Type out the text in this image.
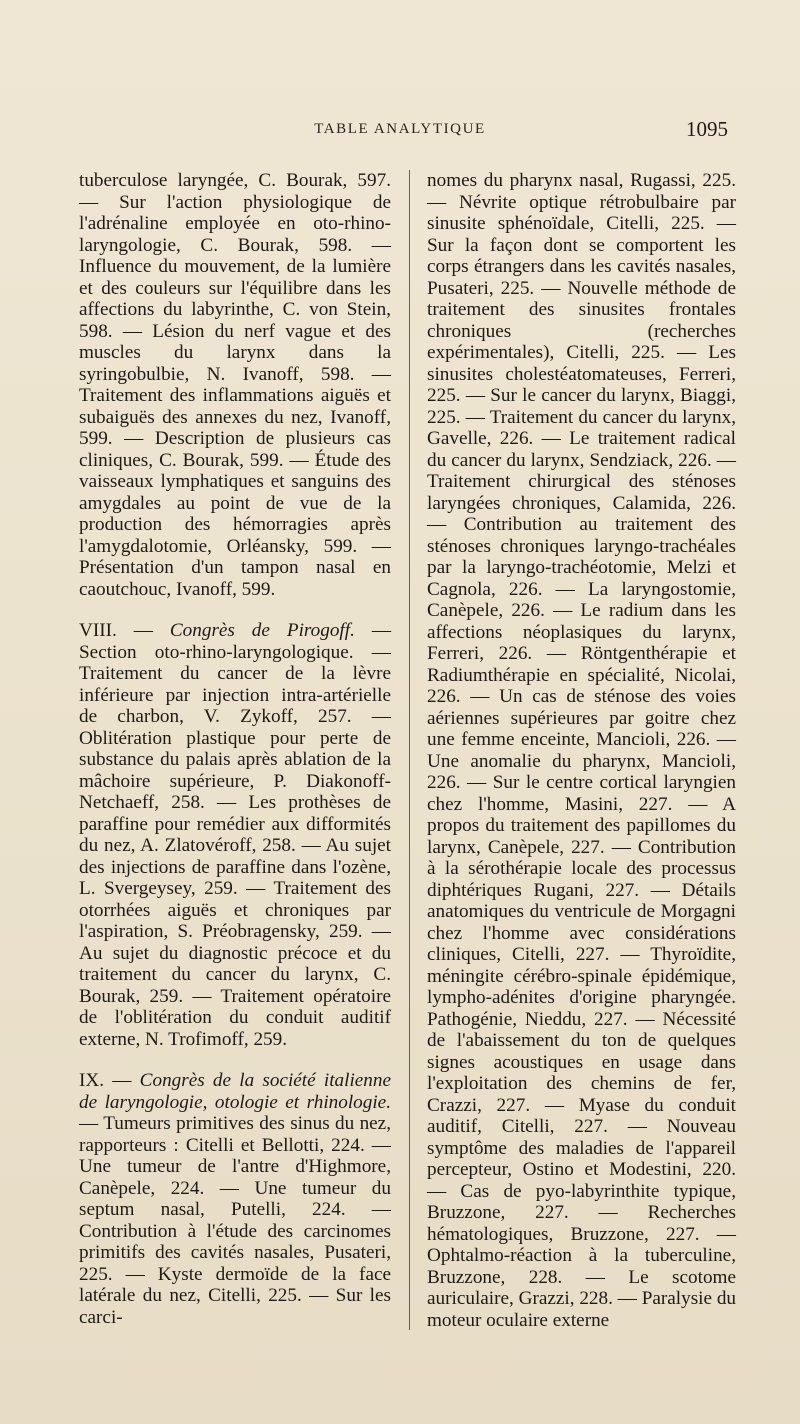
TABLE ANALYTIQUE	1095

tuberculose laryngée, C. Bourak, 597. — Sur l'action physiologique de l'adrénaline employée en oto-rhino-laryngologie, C. Bourak, 598. — Influence du mouvement, de la lumière et des couleurs sur l'équilibre dans les affections du labyrinthe, C. von Stein, 598. — Lésion du nerf vague et des muscles du larynx dans la syringobulbie, N. Ivanoff, 598. — Traitement des inflammations aiguës et subaiguës des annexes du nez, Ivanoff, 599. — Description de plusieurs cas cliniques, C. Bourak, 599. — Étude des vaisseaux lymphatiques et sanguins des amygdales au point de vue de la production des hémorragies après l'amygdalotomie, Orléansky, 599. — Présentation d'un tampon nasal en caoutchouc, Ivanoff, 599.

VIII. — Congrès de Pirogoff. — Section oto-rhino-laryngologique. — Traitement du cancer de la lèvre inférieure par injection intra-artérielle de charbon, V. Zykoff, 257. — Oblitération plastique pour perte de substance du palais après ablation de la mâchoire supérieure, P. Diakonoff-Netchaeff, 258. — Les prothèses de paraffine pour remédier aux difformités du nez, A. Zlatovéroff, 258. — Au sujet des injections de paraffine dans l'ozène, L. Svergeysey, 259. — Traitement des otorrhées aiguës et chroniques par l'aspiration, S. Préobragensky, 259. — Au sujet du diagnostic précoce et du traitement du cancer du larynx, C. Bourak, 259. — Traitement opératoire de l'oblitération du conduit auditif externe, N. Trofimoff, 259.

IX. — Congrès de la société italienne de laryngologie, otologie et rhinologie. — Tumeurs primitives des sinus du nez, rapporteurs : Citelli et Bellotti, 224. — Une tumeur de l'antre d'Highmore, Canèpele, 224. — Une tumeur du septum nasal, Putelli, 224. — Contribution à l'étude des carcinomes primitifs des cavités nasales, Pusateri, 225. — Kyste dermoïde de la face latérale du nez, Citelli, 225. — Sur les carci-

nomes du pharynx nasal, Rugassi, 225. — Névrite optique rétrobulbaire par sinusite sphénoïdale, Citelli, 225. — Sur la façon dont se comportent les corps étrangers dans les cavités nasales, Pusateri, 225. — Nouvelle méthode de traitement des sinusites frontales chroniques (recherches expérimentales), Citelli, 225. — Les sinusites cholestéatomateuses, Ferreri, 225. — Sur le cancer du larynx, Biaggi, 225. — Traitement du cancer du larynx, Gavelle, 226. — Le traitement radical du cancer du larynx, Sendziack, 226. — Traitement chirurgical des sténoses laryngées chroniques, Calamida, 226. — Contribution au traitement des sténoses chroniques laryngo-trachéales par la laryngo-trachéotomie, Melzi et Cagnola, 226. — La laryngostomie, Canèpele, 226. — Le radium dans les affections néoplasiques du larynx, Ferreri, 226. — Röntgenthérapie et Radiumthérapie en spécialité, Nicolai, 226. — Un cas de sténose des voies aériennes supérieures par goitre chez une femme enceinte, Mancioli, 226. — Une anomalie du pharynx, Mancioli, 226. — Sur le centre cortical laryngien chez l'homme, Masini, 227. — A propos du traitement des papillomes du larynx, Canèpele, 227. — Contribution à la sérothérapie locale des processus diphtériques Rugani, 227. — Détails anatomiques du ventricule de Morgagni chez l'homme avec considérations cliniques, Citelli, 227. — Thyroïdite, méningite cérébro-spinale épidémique, lympho-adénites d'origine pharyngée. Pathogénie, Nieddu, 227. — Nécessité de l'abaissement du ton de quelques signes acoustiques en usage dans l'exploitation des chemins de fer, Crazzi, 227. — Myase du conduit auditif, Citelli, 227. — Nouveau symptôme des maladies de l'appareil percepteur, Ostino et Modestini, 220. — Cas de pyo-labyrinthite typique, Bruzzone, 227. — Recherches hématologiques, Bruzzone, 227. — Ophtalmo-réaction à la tuberculine, Bruzzone, 228. — Le scotome auriculaire, Grazzi, 228. — Paralysie du moteur oculaire externe
